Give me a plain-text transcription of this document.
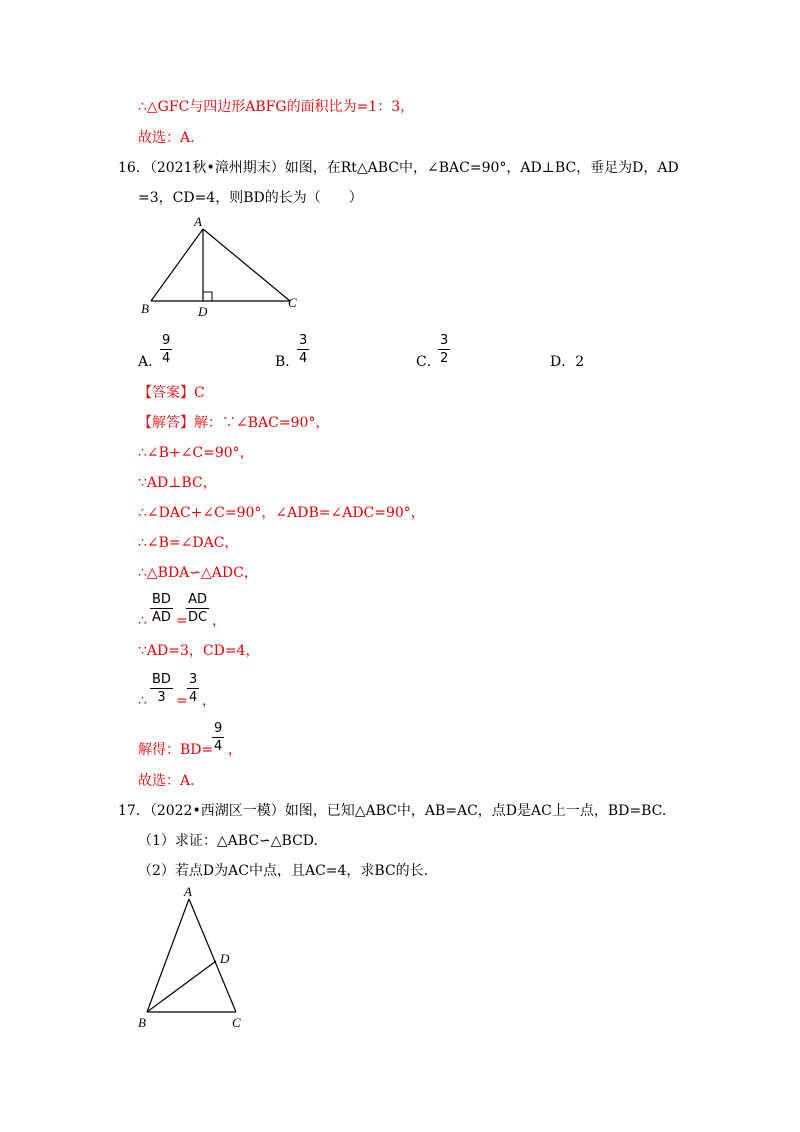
∴△GFC与四边形ABFG的面积比为=1：3，
故选：A.
16．（2021秋•漳州期末）如图，在Rt△ABC中，∠BAC=90°，AD⊥BC，垂足为D，AD
=3，CD=4，则BD的长为（　　）
A
B	C
D
A．
$\frac{9}{4}$	B．
$\frac{3}{4}$	C．
$\frac{3}{2}$	D．2
【答案】C
【解答】解：∵∠BAC=90°，
∴∠B+∠C=90°，
∵AD⊥BC，
∴∠DAC+∠C=90°，∠ADB=∠ADC=90°，
∴∠B=∠DAC，
∴△BDA∽△ADC，
∴ $\frac{BD}{AD}$ =
$\frac{AD}{DC}$ ，
∵AD=3，CD=4，
∴ $\frac{BD}{3} = \frac{3}{4}$ ，
解得：BD=
$\frac{9}{4}$ ，
故选：A.
17．（2022•西湖区一模）如图，已知△ABC中，AB=AC，点D是AC上一点，BD=BC.
（1）求证：△ABC∽△BCD.
（2）若点D为AC中点，且AC=4，求BC的长.
A
B	C
D
